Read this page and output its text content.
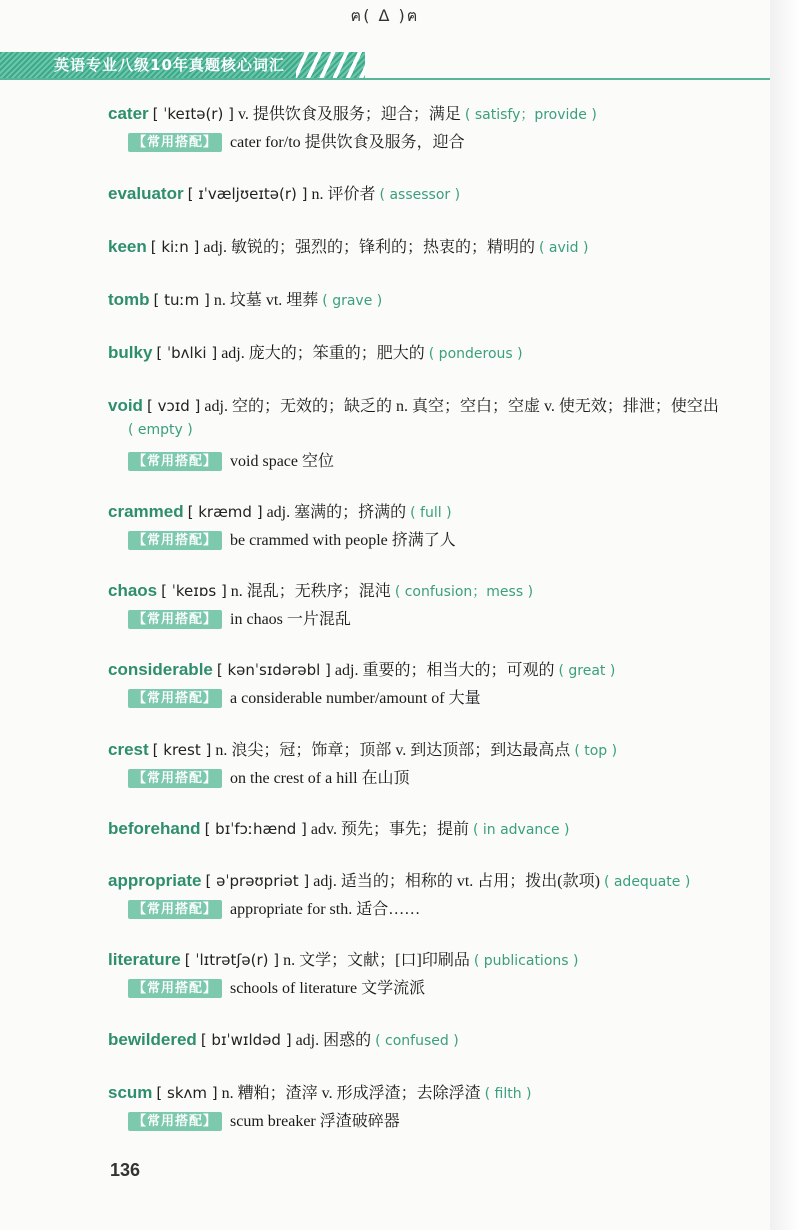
ฅ( Δ )ฅ
英语专业八级10年真题核心词汇
cater [ ˈkeɪtə(r) ] v. 提供饮食及服务；迎合；满足 ( satisfy；provide )
【常用搭配】 cater for/to 提供饮食及服务，迎合
evaluator [ ɪˈvæljʊeɪtə(r) ] n. 评价者 ( assessor )
keen [ kiːn ] adj. 敏锐的；强烈的；锋利的；热衷的；精明的 ( avid )
tomb [ tuːm ] n. 坟墓 vt. 埋葬 ( grave )
bulky [ ˈbʌlki ] adj. 庞大的；笨重的；肥大的 ( ponderous )
void [ vɔɪd ] adj. 空的；无效的；缺乏的 n. 真空；空白；空虚 v. 使无效；排泄；使空出
( empty )
【常用搭配】 void space 空位
crammed [ kræmd ] adj. 塞满的；挤满的 ( full )
【常用搭配】 be crammed with people 挤满了人
chaos [ ˈkeɪɒs ] n. 混乱；无秩序；混沌 ( confusion；mess )
【常用搭配】 in chaos 一片混乱
considerable [ kənˈsɪdərəbl ] adj. 重要的；相当大的；可观的 ( great )
【常用搭配】 a considerable number/amount of 大量
crest [ krest ] n. 浪尖；冠；饰章；顶部 v. 到达顶部；到达最高点 ( top )
【常用搭配】 on the crest of a hill 在山顶
beforehand [ bɪˈfɔːhænd ] adv. 预先；事先；提前 ( in advance )
appropriate [ əˈprəʊpriət ] adj. 适当的；相称的 vt. 占用；拨出(款项) ( adequate )
【常用搭配】 appropriate for sth. 适合……
literature [ ˈlɪtrətʃə(r) ] n. 文学；文献；[口]印刷品 ( publications )
【常用搭配】 schools of literature 文学流派
bewildered [ bɪˈwɪldəd ] adj. 困惑的 ( confused )
scum [ skʌm ] n. 糟粕；渣滓 v. 形成浮渣；去除浮渣 ( filth )
【常用搭配】 scum breaker 浮渣破碎器
136
